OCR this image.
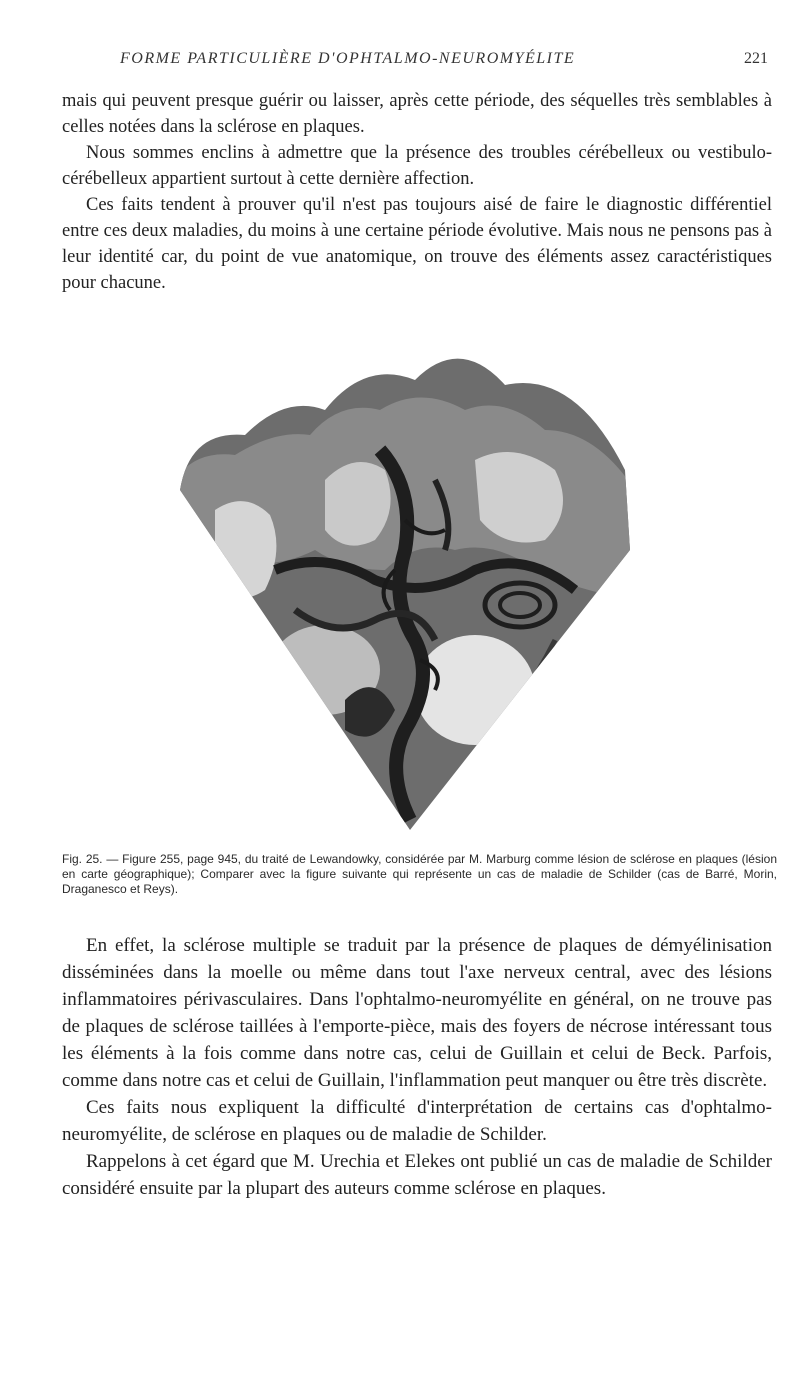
FORME PARTICULIÈRE D'OPHTALMO-NEUROMYÉLITE	221

mais qui peuvent presque guérir ou laisser, après cette période, des séquelles très semblables à celles notées dans la sclérose en plaques.

Nous sommes enclins à admettre que la présence des troubles cérébelleux ou vestibulo-cérébelleux appartient surtout à cette dernière affection.

Ces faits tendent à prouver qu'il n'est pas toujours aisé de faire le diagnostic différentiel entre ces deux maladies, du moins à une certaine période évolutive. Mais nous ne pensons pas à leur identité car, du point de vue anatomique, on trouve des éléments assez caractéristiques pour chacune.

Fig. 25. — Figure 255, page 945, du traité de Lewandowky, considérée par M. Marburg comme lésion de sclérose en plaques (lésion en carte géographique); Comparer avec la figure suivante qui représente un cas de maladie de Schilder (cas de Barré, Morin, Draganesco et Reys).

En effet, la sclérose multiple se traduit par la présence de plaques de démyélinisation disséminées dans la moelle ou même dans tout l'axe nerveux central, avec des lésions inflammatoires périvasculaires. Dans l'ophtalmo-neuromyélite en général, on ne trouve pas de plaques de sclérose taillées à l'emporte-pièce, mais des foyers de nécrose intéressant tous les éléments à la fois comme dans notre cas, celui de Guillain et celui de Beck. Parfois, comme dans notre cas et celui de Guillain, l'inflammation peut manquer ou être très discrète.

Ces faits nous expliquent la difficulté d'interprétation de certains cas d'ophtalmo-neuromyélite, de sclérose en plaques ou de maladie de Schilder.

Rappelons à cet égard que M. Urechia et Elekes ont publié un cas de maladie de Schilder considéré ensuite par la plupart des auteurs comme sclérose en plaques.
